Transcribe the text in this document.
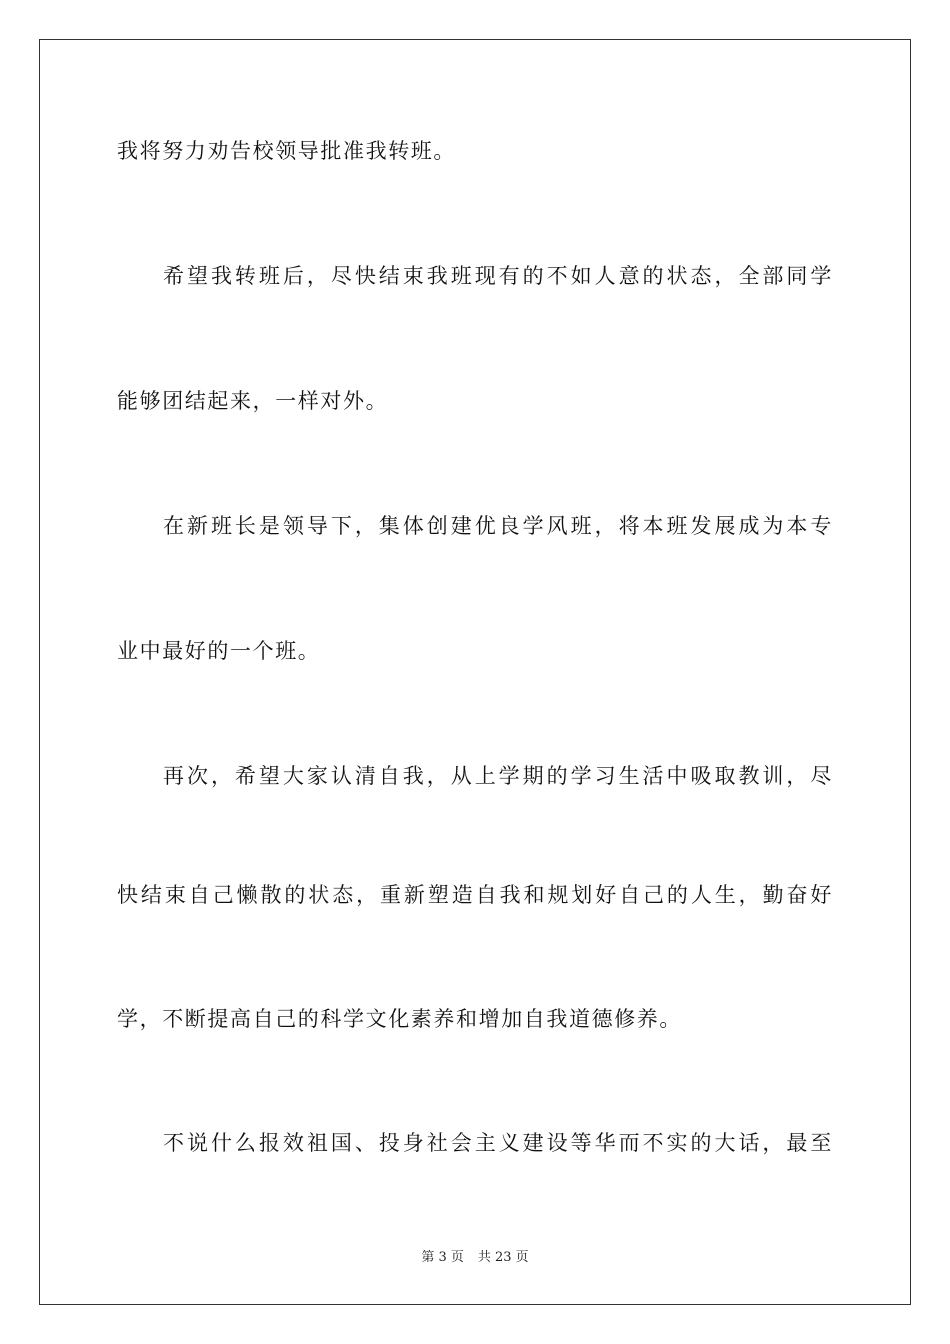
我将努力劝告校领导批准我转班。
希望我转班后，尽快结束我班现有的不如人意的状态，全部同学
能够团结起来，一样对外。
在新班长是领导下，集体创建优良学风班，将本班发展成为本专
业中最好的一个班。
再次，希望大家认清自我，从上学期的学习生活中吸取教训，尽
快结束自己懒散的状态，重新塑造自我和规划好自己的人生，勤奋好
学，不断提高自己的科学文化素养和增加自我道德修养。
不说什么报效祖国、投身社会主义建设等华而不实的大话，最至
第 3 页 共 23 页
